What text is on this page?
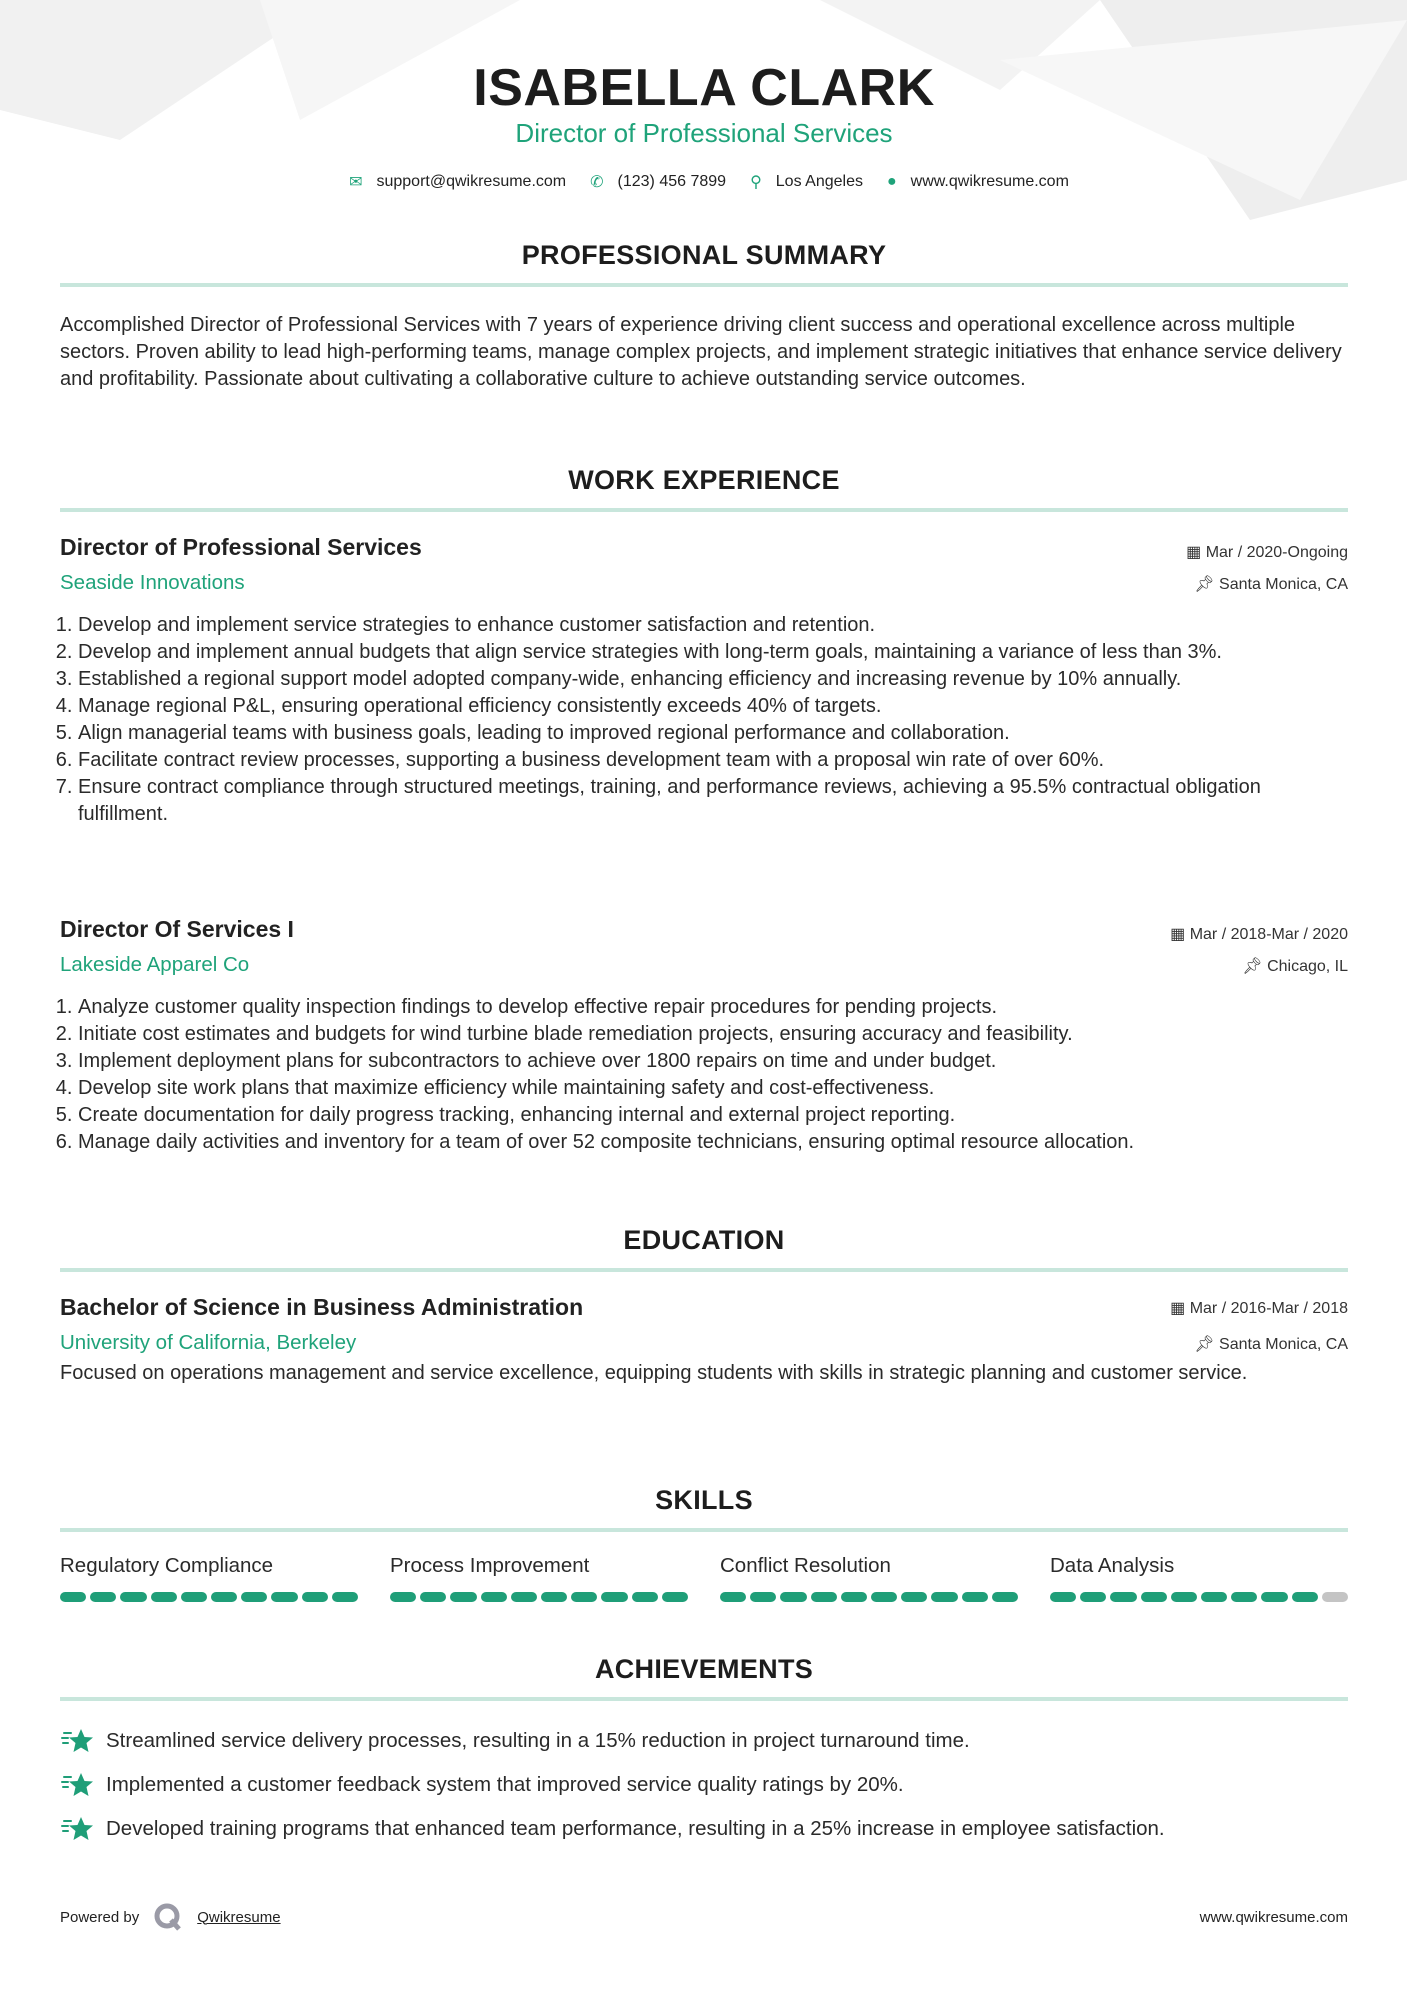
ISABELLA CLARK
Director of Professional Services
✉ support@qwikresume.com ✆ (123) 456 7899 ⚲ Los Angeles ● www.qwikresume.com
PROFESSIONAL SUMMARY

Accomplished Director of Professional Services with 7 years of experience driving client success and operational excellence across multiple sectors. Proven ability to lead high-performing teams, manage complex projects, and implement strategic initiatives that enhance service delivery and profitability. Passionate about cultivating a collaborative culture to achieve outstanding service outcomes.

WORK EXPERIENCE
Director of Professional Services
Seaside Innovations
▦ Mar / 2020-Ongoing
📌︎ Santa Monica, CA
1. Develop and implement service strategies to enhance customer satisfaction and retention.
2. Develop and implement annual budgets that align service strategies with long-term goals, maintaining a variance of less than 3%.
3. Established a regional support model adopted company-wide, enhancing efficiency and increasing revenue by 10% annually.
4. Manage regional P&L, ensuring operational efficiency consistently exceeds 40% of targets.
5. Align managerial teams with business goals, leading to improved regional performance and collaboration.
6. Facilitate contract review processes, supporting a business development team with a proposal win rate of over 60%.
7. Ensure contract compliance through structured meetings, training, and performance reviews, achieving a 95.5% contractual obligation fulfillment.
Director Of Services I
Lakeside Apparel Co
▦ Mar / 2018-Mar / 2020
📌︎ Chicago, IL
1. Analyze customer quality inspection findings to develop effective repair procedures for pending projects.
2. Initiate cost estimates and budgets for wind turbine blade remediation projects, ensuring accuracy and feasibility.
3. Implement deployment plans for subcontractors to achieve over 1800 repairs on time and under budget.
4. Develop site work plans that maximize efficiency while maintaining safety and cost-effectiveness.
5. Create documentation for daily progress tracking, enhancing internal and external project reporting.
6. Manage daily activities and inventory for a team of over 52 composite technicians, ensuring optimal resource allocation.
EDUCATION
Bachelor of Science in Business Administration
University of California, Berkeley
▦ Mar / 2016-Mar / 2018
📌︎ Santa Monica, CA

Focused on operations management and service excellence, equipping students with skills in strategic planning and customer service.

SKILLS
Regulatory Compliance	Process Improvement	Conflict Resolution	Data Analysis
ACHIEVEMENTS
Streamlined service delivery processes, resulting in a 15% reduction in project turnaround time.
Implemented a customer feedback system that improved service quality ratings by 20%.
Developed training programs that enhanced team performance, resulting in a 25% increase in employee satisfaction.
Powered by	Qwikresume	www.qwikresume.com
